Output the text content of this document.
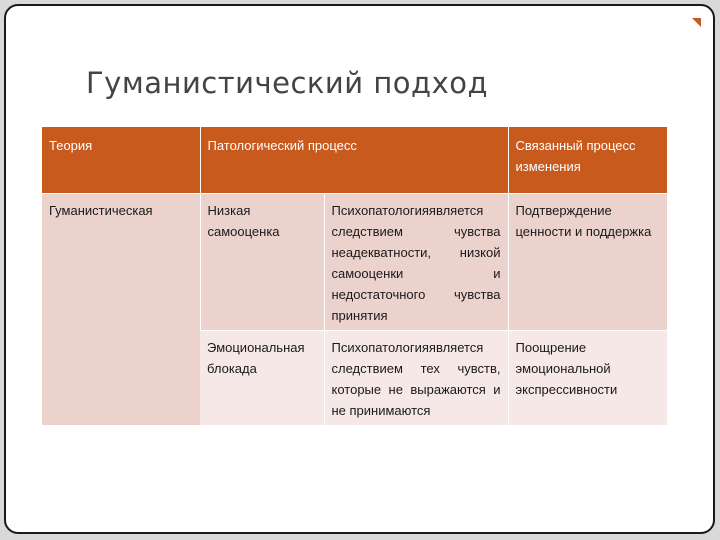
Гуманистический подход
Теория	Патологический процесс		Связанный процесс изменения
Гуманистическая	Низкая самооценка	Психопатологияявляется следствием чувства неадекватности, низкой самооценки и недостаточного чувства принятия	Подтверждение ценности и поддержка
	Эмоциональная блокада	Психопатологияявляется следствием тех чувств, которые не выражаются и не принимаются	Поощрение эмоциональной экспрессивности
